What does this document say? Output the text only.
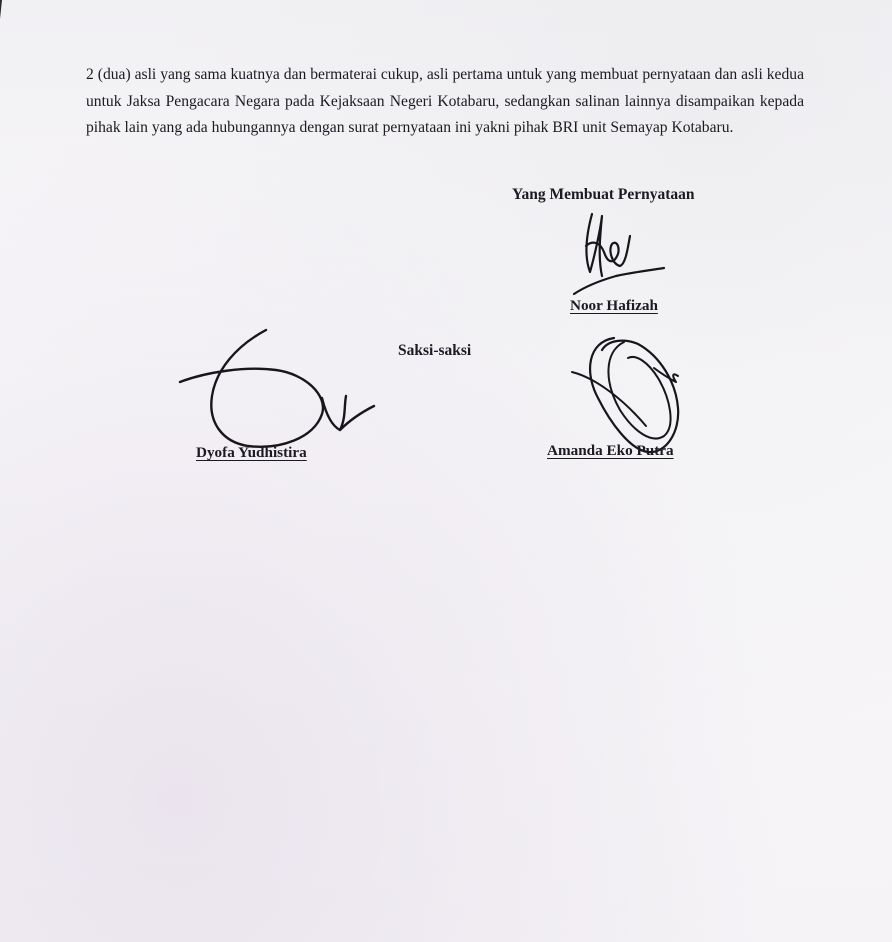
2 (dua) asli yang sama kuatnya dan bermaterai cukup, asli pertama untuk yang membuat pernyataan dan asli kedua untuk Jaksa Pengacara Negara pada Kejaksaan Negeri Kotabaru, sedangkan salinan lainnya disampaikan kepada pihak lain yang ada hubungannya dengan surat pernyataan ini yakni pihak BRI unit Semayap Kotabaru.

Yang Membuat Pernyataan
Noor Hafizah
Saksi-saksi
Dyofa Yudhistira	Amanda Eko Putra
